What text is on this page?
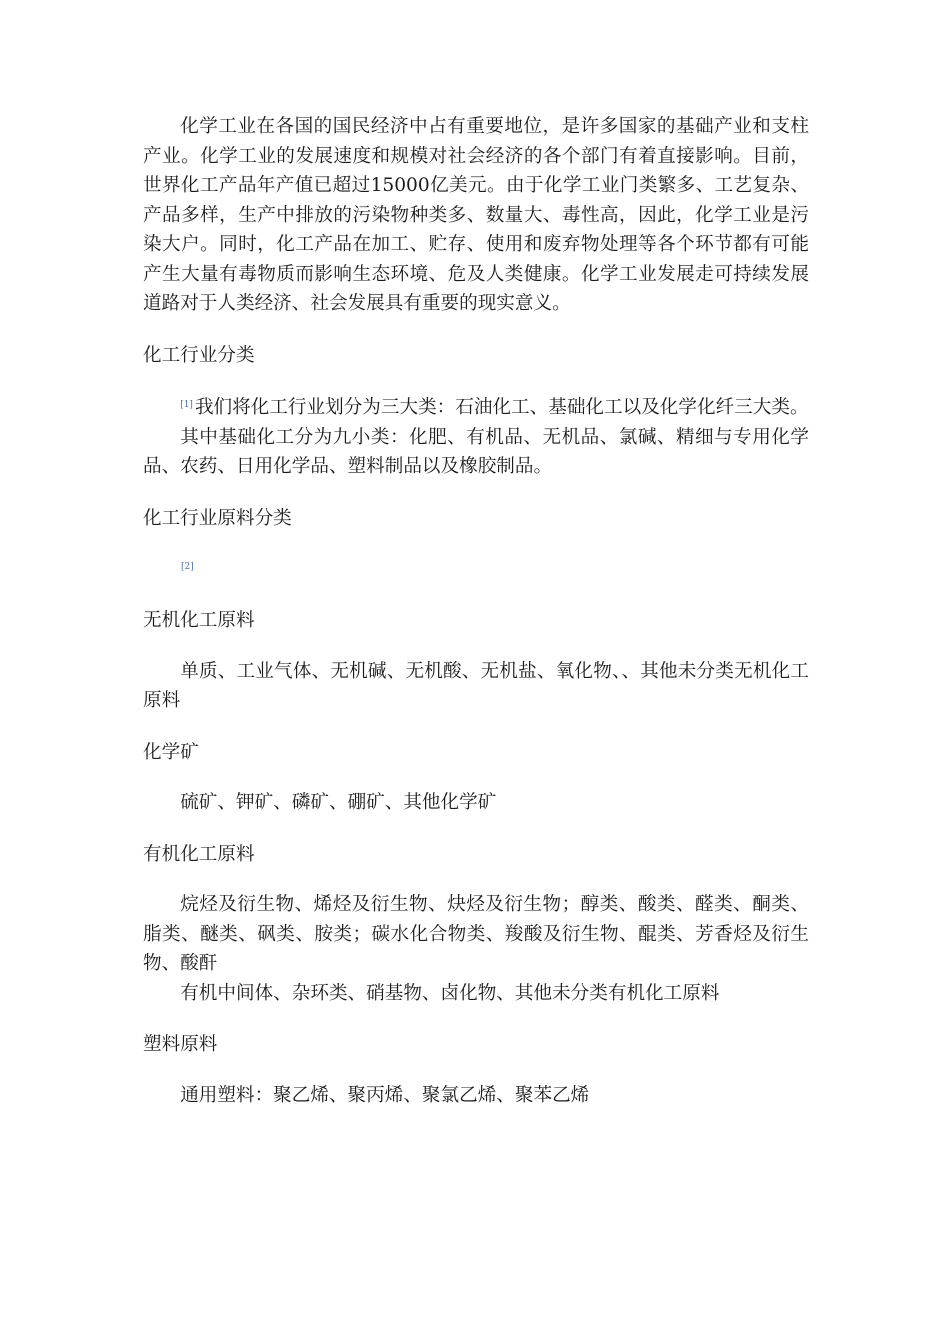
化学工业在各国的国民经济中占有重要地位，是许多国家的基础产业和支柱产业。化学工业的发展速度和规模对社会经济的各个部门有着直接影响。目前，世界化工产品年产值已超过15000亿美元。由于化学工业门类繁多、工艺复杂、产品多样，生产中排放的污染物种类多、数量大、毒性高，因此，化学工业是污染大户。同时，化工产品在加工、贮存、使用和废弃物处理等各个环节都有可能产生大量有毒物质而影响生态环境、危及人类健康。化学工业发展走可持续发展道路对于人类经济、社会发展具有重要的现实意义。

化工行业分类

[1] 我们将化工行业划分为三大类：石油化工、基础化工以及化学化纤三大类。

其中基础化工分为九小类：化肥、有机品、无机品、氯碱、精细与专用化学品、农药、日用化学品、塑料制品以及橡胶制品。

化工行业原料分类

[2]

无机化工原料

单质、工业气体、无机碱、无机酸、无机盐、氧化物、、其他未分类无机化工原料

化学矿

硫矿、钾矿、磷矿、硼矿、其他化学矿

有机化工原料

烷烃及衍生物、烯烃及衍生物、炔烃及衍生物；醇类、酸类、醛类、酮类、脂类、醚类、砜类、胺类；碳水化合物类、羧酸及衍生物、醌类、芳香烃及衍生物、酸酐

有机中间体、杂环类、硝基物、卤化物、其他未分类有机化工原料

塑料原料

通用塑料：聚乙烯、聚丙烯、聚氯乙烯、聚苯乙烯
